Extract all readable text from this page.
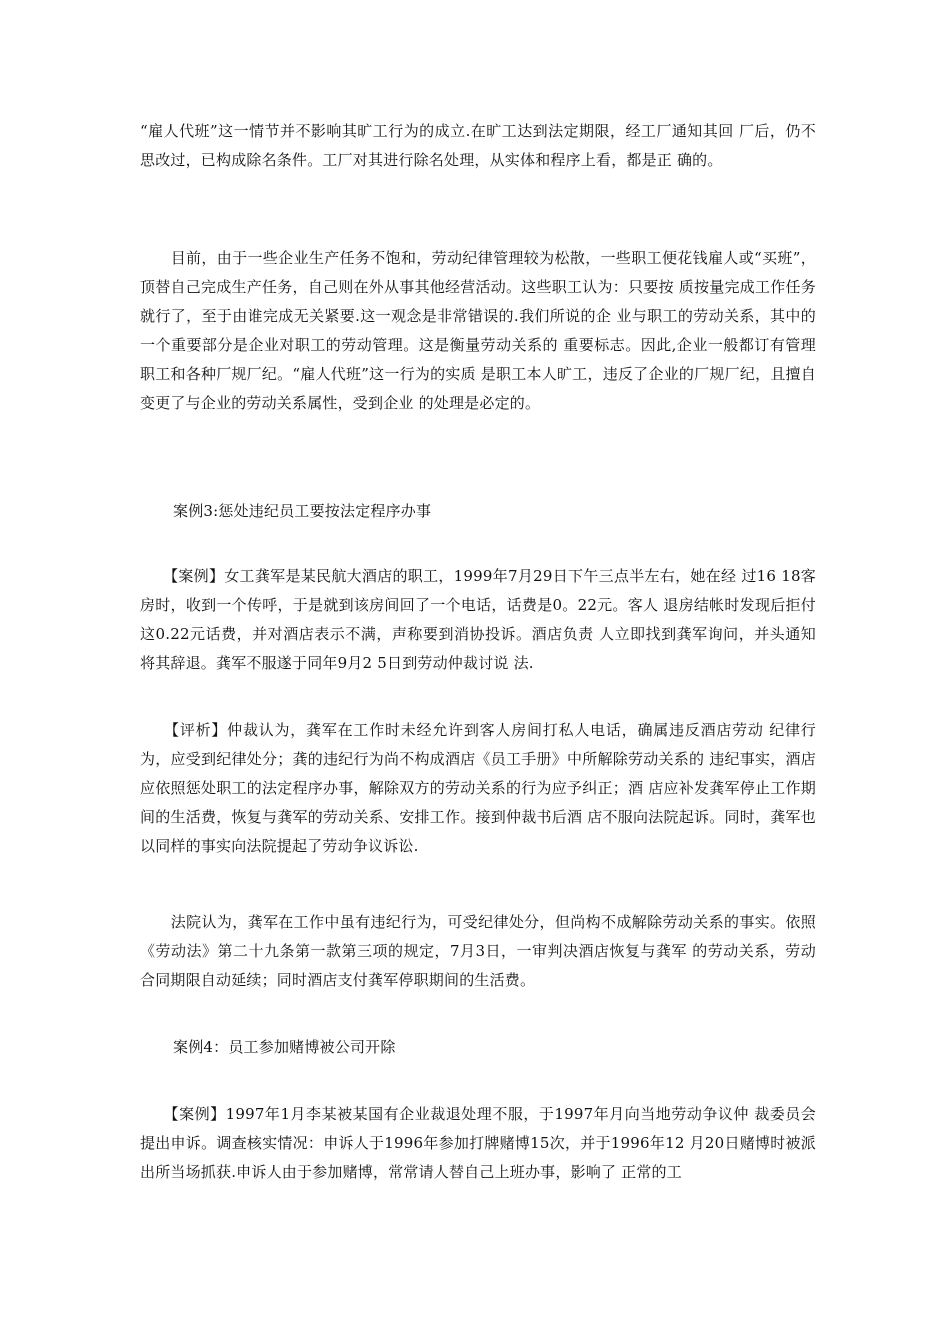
“雇人代班”这一情节并不影响其旷工行为的成立.在旷工达到法定期限，经工厂通知其回 厂后，仍不思改过，已构成除名条件。工厂对其进行除名处理，从实体和程序上看，都是正 确的。

　　目前，由于一些企业生产任务不饱和，劳动纪律管理较为松散，一些职工便花钱雇人或“买班”，顶替自己完成生产任务，自己则在外从事其他经营活动。这些职工认为：只要按 质按量完成工作任务就行了，至于由谁完成无关紧要.这一观念是非常错误的.我们所说的企 业与职工的劳动关系，其中的一个重要部分是企业对职工的劳动管理。这是衡量劳动关系的 重要标志。因此,企业一般都订有管理职工和各种厂规厂纪。“雇人代班”这一行为的实质 是职工本人旷工，违反了企业的厂规厂纪，且擅自变更了与企业的劳动关系属性，受到企业 的处理是必定的。

案例3:惩处违纪员工要按法定程序办事

　　【案例】女工龚军是某民航大酒店的职工，1999年7月29日下午三点半左右，她在经 过16 18客房时，收到一个传呼，于是就到该房间回了一个电话，话费是0。22元。客人 退房结帐时发现后拒付这0.22元话费，并对酒店表示不满，声称要到消协投诉。酒店负责 人立即找到龚军询问，并头通知将其辞退。龚军不服遂于同年9月2 5日到劳动仲裁讨说 法.

　　【评析】仲裁认为，龚军在工作时未经允许到客人房间打私人电话，确属违反酒店劳动 纪律行为，应受到纪律处分；龚的违纪行为尚不构成酒店《员工手册》中所解除劳动关系的 违纪事实，酒店应依照惩处职工的法定程序办事，解除双方的劳动关系的行为应予纠正；酒 店应补发龚军停止工作期间的生活费，恢复与龚军的劳动关系、安排工作。接到仲裁书后酒 店不服向法院起诉。同时，龚军也以同样的事实向法院提起了劳动争议诉讼.

　　法院认为，龚军在工作中虽有违纪行为，可受纪律处分，但尚构不成解除劳动关系的事实。依照《劳动法》第二十九条第一款第三项的规定，7月3日，一审判决酒店恢复与龚军 的劳动关系，劳动合同期限自动延续；同时酒店支付龚军停职期间的生活费。

案例4：员工参加赌博被公司开除

　　【案例】1997年1月李某被某国有企业裁退处理不服，于1997年月向当地劳动争议仲 裁委员会提出申诉。调查核实情况：申诉人于1996年参加打牌赌博15次，并于1996年12 月20日赌博时被派出所当场抓获.申诉人由于参加赌博，常常请人替自己上班办事，影响了 正常的工
